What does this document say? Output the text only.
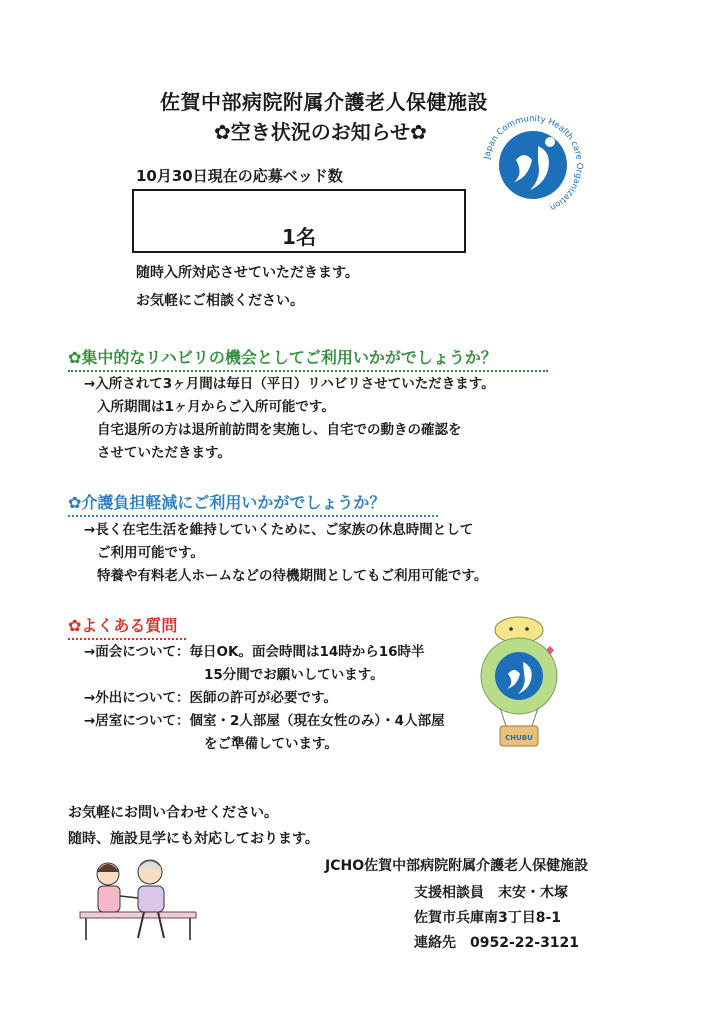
佐賀中部病院附属介護老人保健施設
✿空き状況のお知らせ✿
Japan Community Health care Organization
10月30日現在の応募ベッド数
1名
随時入所対応させていただきます。
お気軽にご相談ください。
✿集中的なリハビリの機会としてご利用いかがでしょうか？
→入所されて3ヶ月間は毎日（平日）リハビリさせていただきます。
入所期間は1ヶ月からご入所可能です。
自宅退所の方は退所前訪問を実施し、自宅での動きの確認を
させていただきます。
✿介護負担軽減にご利用いかがでしょうか？
→長く在宅生活を維持していくために、ご家族の休息時間として
ご利用可能です。
特養や有料老人ホームなどの待機期間としてもご利用可能です。
✿よくある質問
→面会について：毎日OK。面会時間は14時から16時半
15分間でお願いしています。
→外出について：医師の許可が必要です。
→居室について：個室・2人部屋（現在女性のみ）・4人部屋
をご準備しています。	CHUBU
お気軽にお問い合わせください。
随時、施設見学にも対応しております。
JCHO佐賀中部病院附属介護老人保健施設
支援相談員　末安・木塚
佐賀市兵庫南3丁目8-1
連絡先　0952-22-3121
